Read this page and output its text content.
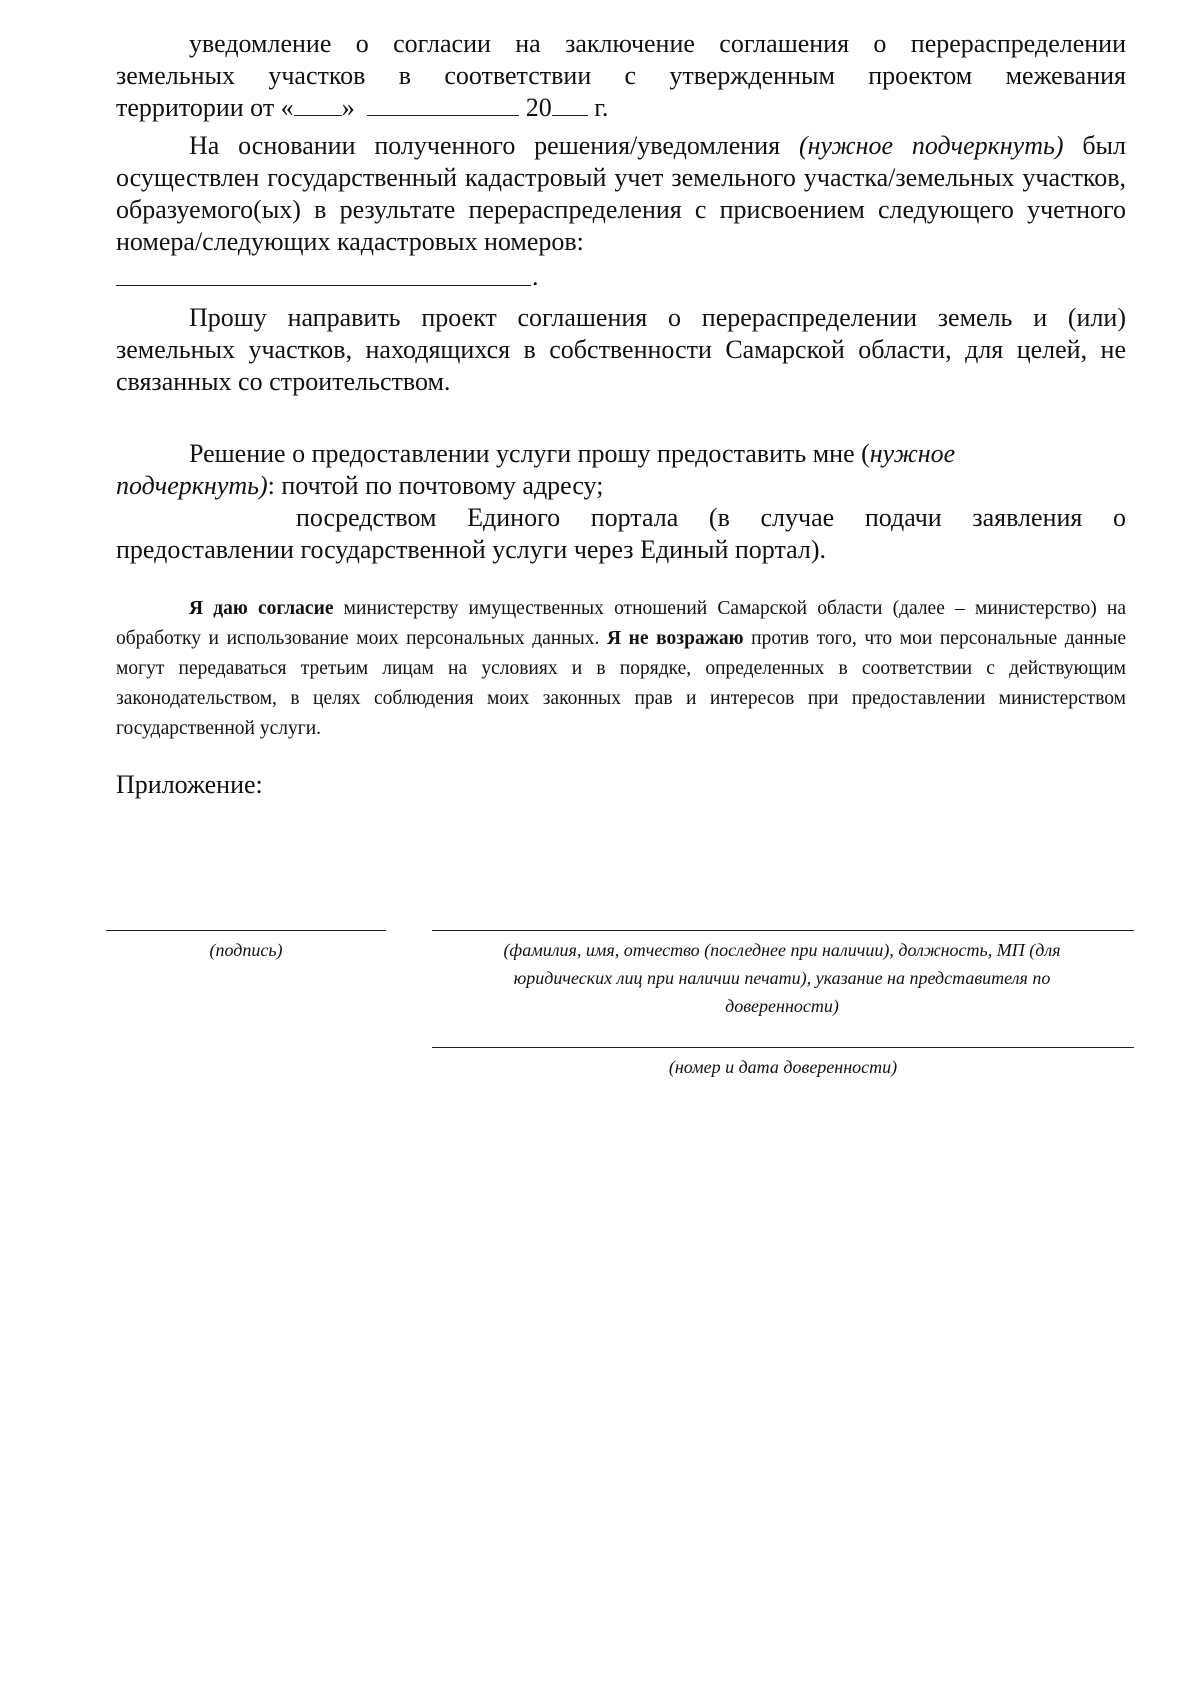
уведомление о согласии на заключение соглашения о перераспределении
земельных участков в соответствии с утвержденным проектом межевания
территории от « »	20 г.
На основании полученного решения/уведомления (нужное подчеркнуть) был осуществлен государственный кадастровый учет земельного участка/земельных участков, образуемого(ых) в результате перераспределения с присвоением следующего учетного номера/следующих кадастровых номеров:
.
Прошу направить проект соглашения о перераспределении земель и (или) земельных участков, находящихся в собственности Самарской области, для целей, не связанных со строительством.
Решение о предоставлении услуги прошу предоставить мне (нужное подчеркнуть): почтой по почтовому адресу;
посредством Единого портала (в случае подачи заявления о предоставлении государственной услуги через Единый портал).
Я даю согласие министерству имущественных отношений Самарской области (далее – министерство) на обработку и использование моих персональных данных. Я не возражаю против того, что мои персональные данные могут передаваться третьим лицам на условиях и в порядке, определенных в соответствии с действующим законодательством, в целях соблюдения моих законных прав и интересов при предоставлении министерством государственной услуги.
Приложение:
(подпись)	(фамилия, имя, отчество (последнее при наличии), должность, МП (для юридических лиц при наличии печати), указание на представителя по доверенности)
(номер и дата доверенности)
